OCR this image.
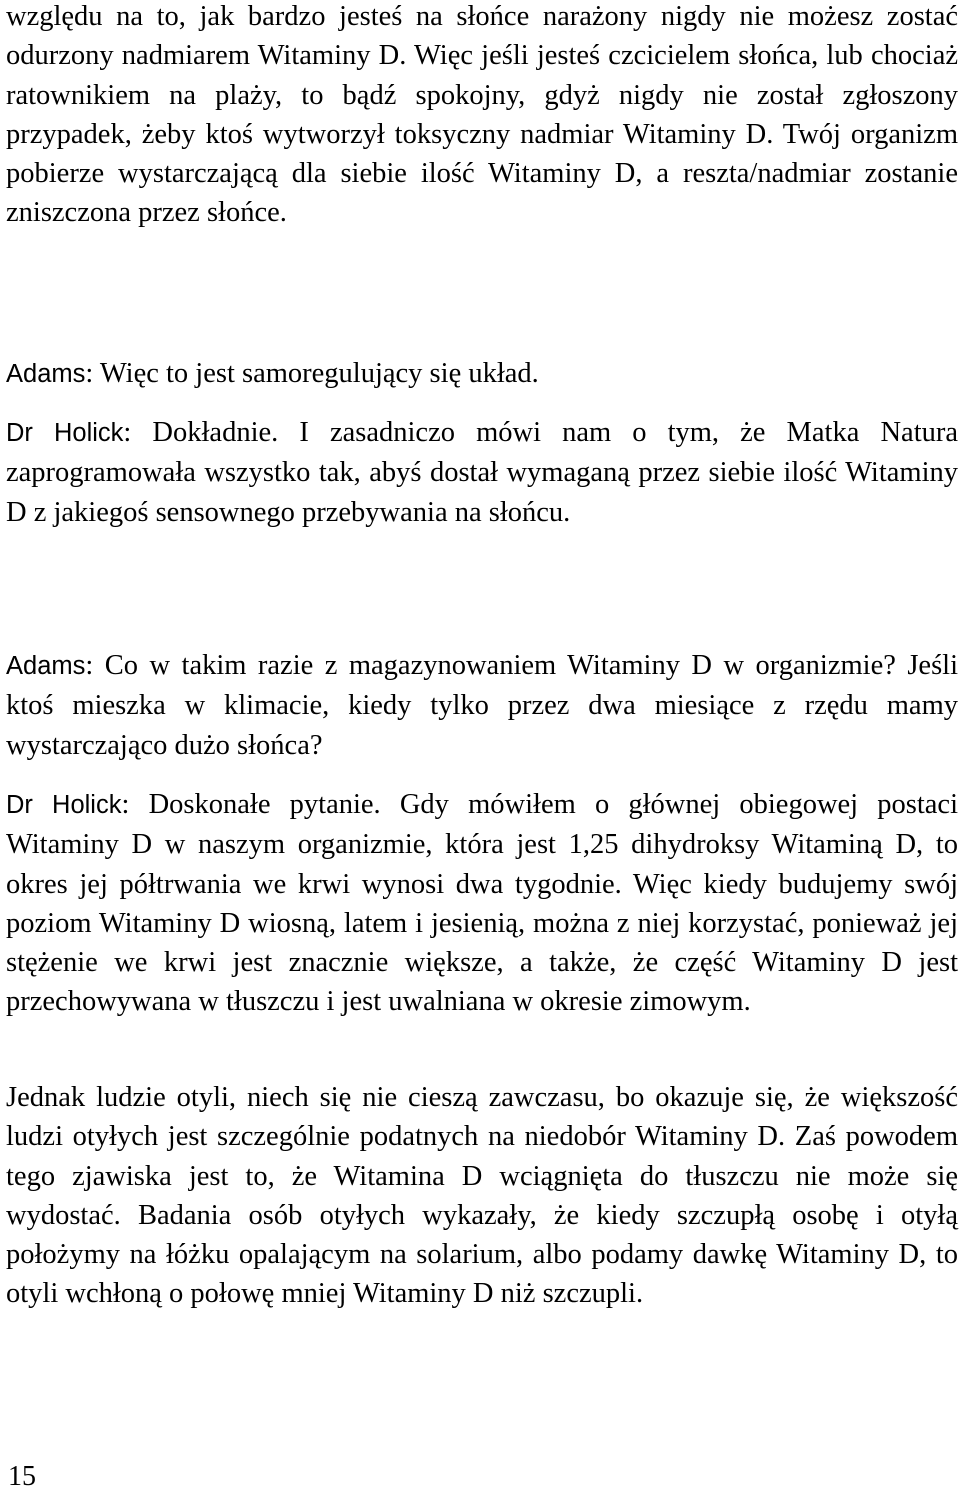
względu na to, jak bardzo jesteś na słońce narażony nigdy nie możesz zostać odurzony nadmiarem Witaminy D. Więc jeśli jesteś czcicielem słońca, lub chociaż ratownikiem na plaży, to bądź spokojny, gdyż nigdy nie został zgłoszony przypadek, żeby ktoś wytworzył toksyczny nadmiar Witaminy D. Twój organizm pobierze wystarczającą dla siebie ilość Witaminy D, a reszta/nadmiar zostanie zniszczona przez słońce.

Adams: Więc to jest samoregulujący się układ.

Dr Holick: Dokładnie. I zasadniczo mówi nam o tym, że Matka Natura zaprogramowała wszystko tak, abyś dostał wymaganą przez siebie ilość Witaminy D z jakiegoś sensownego przebywania na słońcu.

Adams: Co w takim razie z magazynowaniem Witaminy D w organizmie? Jeśli ktoś mieszka w klimacie, kiedy tylko przez dwa miesiące z rzędu mamy wystarczająco dużo słońca?

Dr Holick: Doskonałe pytanie. Gdy mówiłem o głównej obiegowej postaci Witaminy D w naszym organizmie, która jest 1,25 dihydroksy Witaminą D, to okres jej półtrwania we krwi wynosi dwa tygodnie. Więc kiedy budujemy swój poziom Witaminy D wiosną, latem i jesienią, można z niej korzystać, ponieważ jej stężenie we krwi jest znacznie większe, a także, że część Witaminy D jest przechowywana w tłuszczu i jest uwalniana w okresie zimowym.

Jednak ludzie otyli, niech się nie cieszą zawczasu, bo okazuje się, że większość ludzi otyłych jest szczególnie podatnych na niedobór Witaminy D. Zaś powodem tego zjawiska jest to, że Witamina D wciągnięta do tłuszczu nie może się wydostać. Badania osób otyłych wykazały, że kiedy szczupłą osobę i otyłą położymy na łóżku opalającym na solarium, albo podamy dawkę Witaminy D, to otyli wchłoną o połowę mniej Witaminy D niż szczupli.

15
